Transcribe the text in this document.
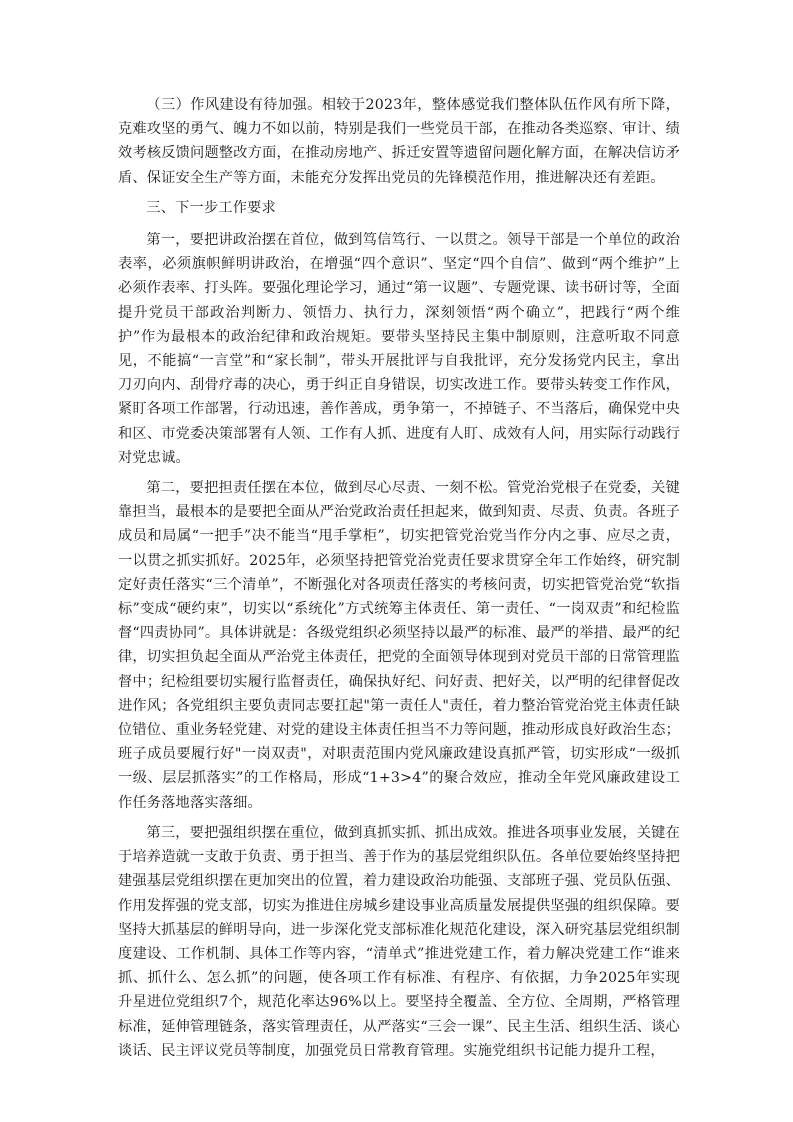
（三）作风建设有待加强。相较于2023年，整体感觉我们整体队伍作风有所下降，克难攻坚的勇气、魄力不如以前，特别是我们一些党员干部，在推动各类巡察、审计、绩效考核反馈问题整改方面，在推动房地产、拆迁安置等遗留问题化解方面，在解决信访矛盾、保证安全生产等方面，未能充分发挥出党员的先锋模范作用，推进解决还有差距。

三、下一步工作要求

第一，要把讲政治摆在首位，做到笃信笃行、一以贯之。领导干部是一个单位的政治表率，必须旗帜鲜明讲政治，在增强“四个意识”、坚定“四个自信”、做到“两个维护”上必须作表率、打头阵。要强化理论学习，通过“第一议题”、专题党课、读书研讨等，全面提升党员干部政治判断力、领悟力、执行力，深刻领悟“两个确立”，把践行“两个维护”作为最根本的政治纪律和政治规矩。要带头坚持民主集中制原则，注意听取不同意见，不能搞“一言堂”和“家长制”，带头开展批评与自我批评，充分发扬党内民主，拿出刀刃向内、刮骨疗毒的决心，勇于纠正自身错误，切实改进工作。要带头转变工作作风，紧盯各项工作部署，行动迅速，善作善成，勇争第一，不掉链子、不当落后，确保党中央和区、市党委决策部署有人领、工作有人抓、进度有人盯、成效有人问，用实际行动践行对党忠诚。

第二，要把担责任摆在本位，做到尽心尽责、一刻不松。管党治党根子在党委，关键靠担当，最根本的是要把全面从严治党政治责任担起来，做到知责、尽责、负责。各班子成员和局属“一把手”决不能当“甩手掌柜”，切实把管党治党当作分内之事、应尽之责，一以贯之抓实抓好。2025年，必须坚持把管党治党责任要求贯穿全年工作始终，研究制定好责任落实“三个清单”，不断强化对各项责任落实的考核问责，切实把管党治党“软指标”变成“硬约束”，切实以“系统化”方式统筹主体责任、第一责任、“一岗双责”和纪检监督“四责协同”。具体讲就是：各级党组织必须坚持以最严的标准、最严的举措、最严的纪律，切实担负起全面从严治党主体责任，把党的全面领导体现到对党员干部的日常管理监督中；纪检组要切实履行监督责任，确保执好纪、问好责、把好关，以严明的纪律督促改进作风；各党组织主要负责同志要扛起"第一责任人"责任，着力整治管党治党主体责任缺位错位、重业务轻党建、对党的建设主体责任担当不力等问题，推动形成良好政治生态；班子成员要履行好"一岗双责"，对职责范围内党风廉政建设真抓严管，切实形成“一级抓一级、层层抓落实”的工作格局，形成“1+3>4”的聚合效应，推动全年党风廉政建设工作任务落地落实落细。

第三，要把强组织摆在重位，做到真抓实抓、抓出成效。推进各项事业发展，关键在于培养造就一支敢于负责、勇于担当、善于作为的基层党组织队伍。各单位要始终坚持把建强基层党组织摆在更加突出的位置，着力建设政治功能强、支部班子强、党员队伍强、作用发挥强的党支部，切实为推进住房城乡建设事业高质量发展提供坚强的组织保障。要坚持大抓基层的鲜明导向，进一步深化党支部标准化规范化建设，深入研究基层党组织制度建设、工作机制、具体工作等内容，“清单式”推进党建工作，着力解决党建工作“谁来抓、抓什么、怎么抓”的问题，使各项工作有标准、有程序、有依据，力争2025年实现升星进位党组织7个，规范化率达96%以上。要坚持全覆盖、全方位、全周期，严格管理标准，延伸管理链条，落实管理责任，从严落实“三会一课”、民主生活、组织生活、谈心谈话、民主评议党员等制度，加强党员日常教育管理。实施党组织书记能力提升工程，
